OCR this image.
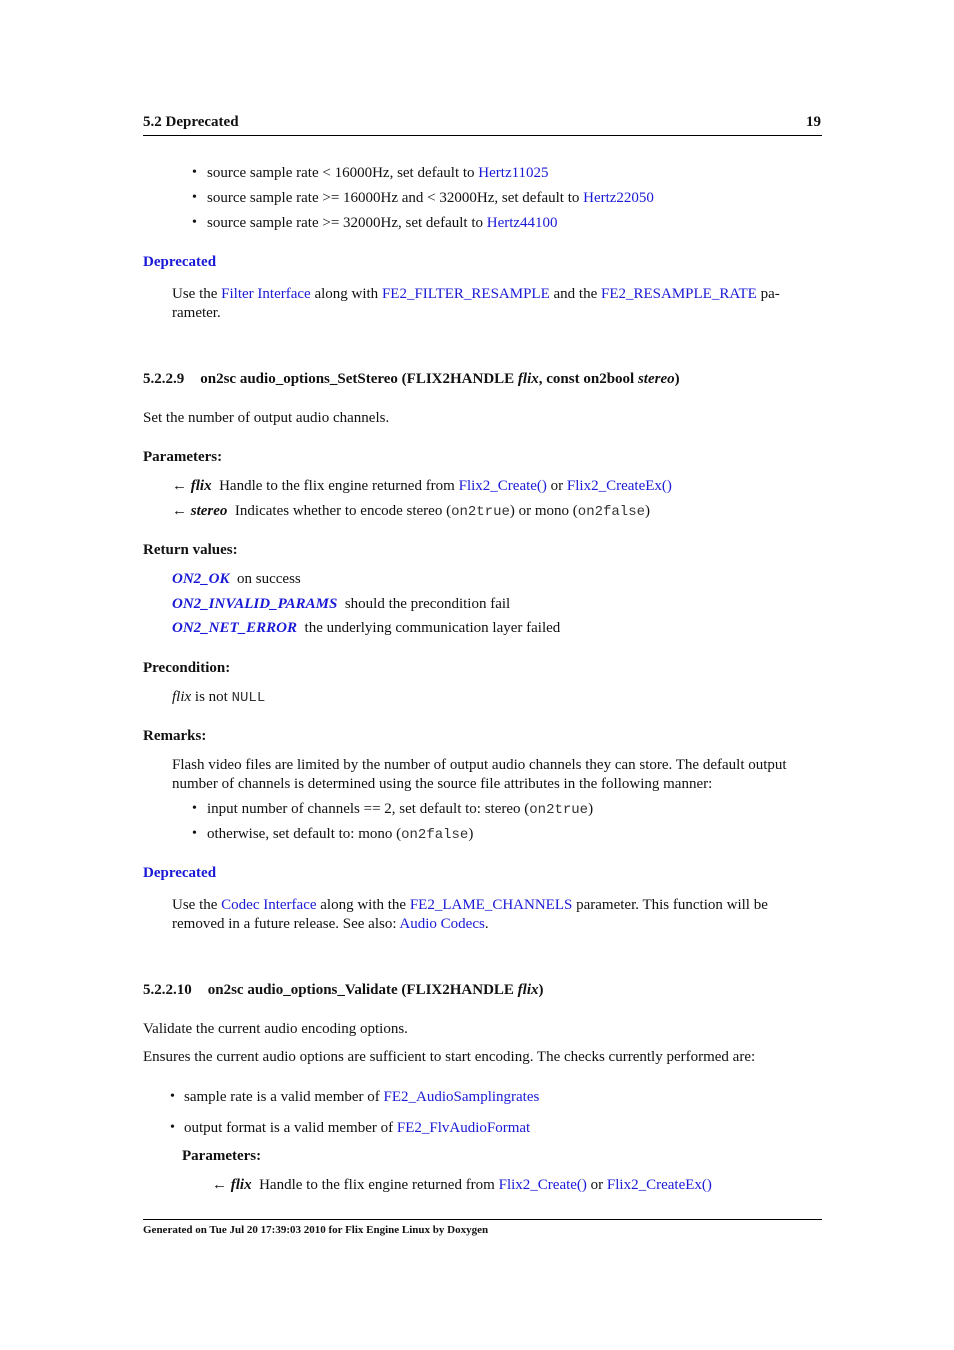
5.2 Deprecated	19
• source sample rate < 16000Hz, set default to Hertz11025
• source sample rate >= 16000Hz and < 32000Hz, set default to Hertz22050
• source sample rate >= 32000Hz, set default to Hertz44100
Deprecated
Use the Filter Interface along with FE2_FILTER_RESAMPLE and the FE2_RESAMPLE_RATE pa-
rameter.
5.2.2.9 on2sc audio_options_SetStereo (FLIX2HANDLE flix, const on2bool stereo)
Set the number of output audio channels.
Parameters:
← flix Handle to the flix engine returned from Flix2_Create() or Flix2_CreateEx()
← stereo Indicates whether to encode stereo (on2true) or mono (on2false)
Return values:
ON2_OK on success
ON2_INVALID_PARAMS should the precondition fail
ON2_NET_ERROR the underlying communication layer failed
Precondition:
flix is not NULL
Remarks:
Flash video files are limited by the number of output audio channels they can store. The default output
number of channels is determined using the source file attributes in the following manner:
• input number of channels == 2, set default to: stereo (on2true)
• otherwise, set default to: mono (on2false)
Deprecated
Use the Codec Interface along with the FE2_LAME_CHANNELS parameter. This function will be
removed in a future release. See also: Audio Codecs.
5.2.2.10 on2sc audio_options_Validate (FLIX2HANDLE flix)
Validate the current audio encoding options.
Ensures the current audio options are sufficient to start encoding. The checks currently performed are:
• sample rate is a valid member of FE2_AudioSamplingrates
• output format is a valid member of FE2_FlvAudioFormat
Parameters:
← flix Handle to the flix engine returned from Flix2_Create() or Flix2_CreateEx()
Generated on Tue Jul 20 17:39:03 2010 for Flix Engine Linux by Doxygen
